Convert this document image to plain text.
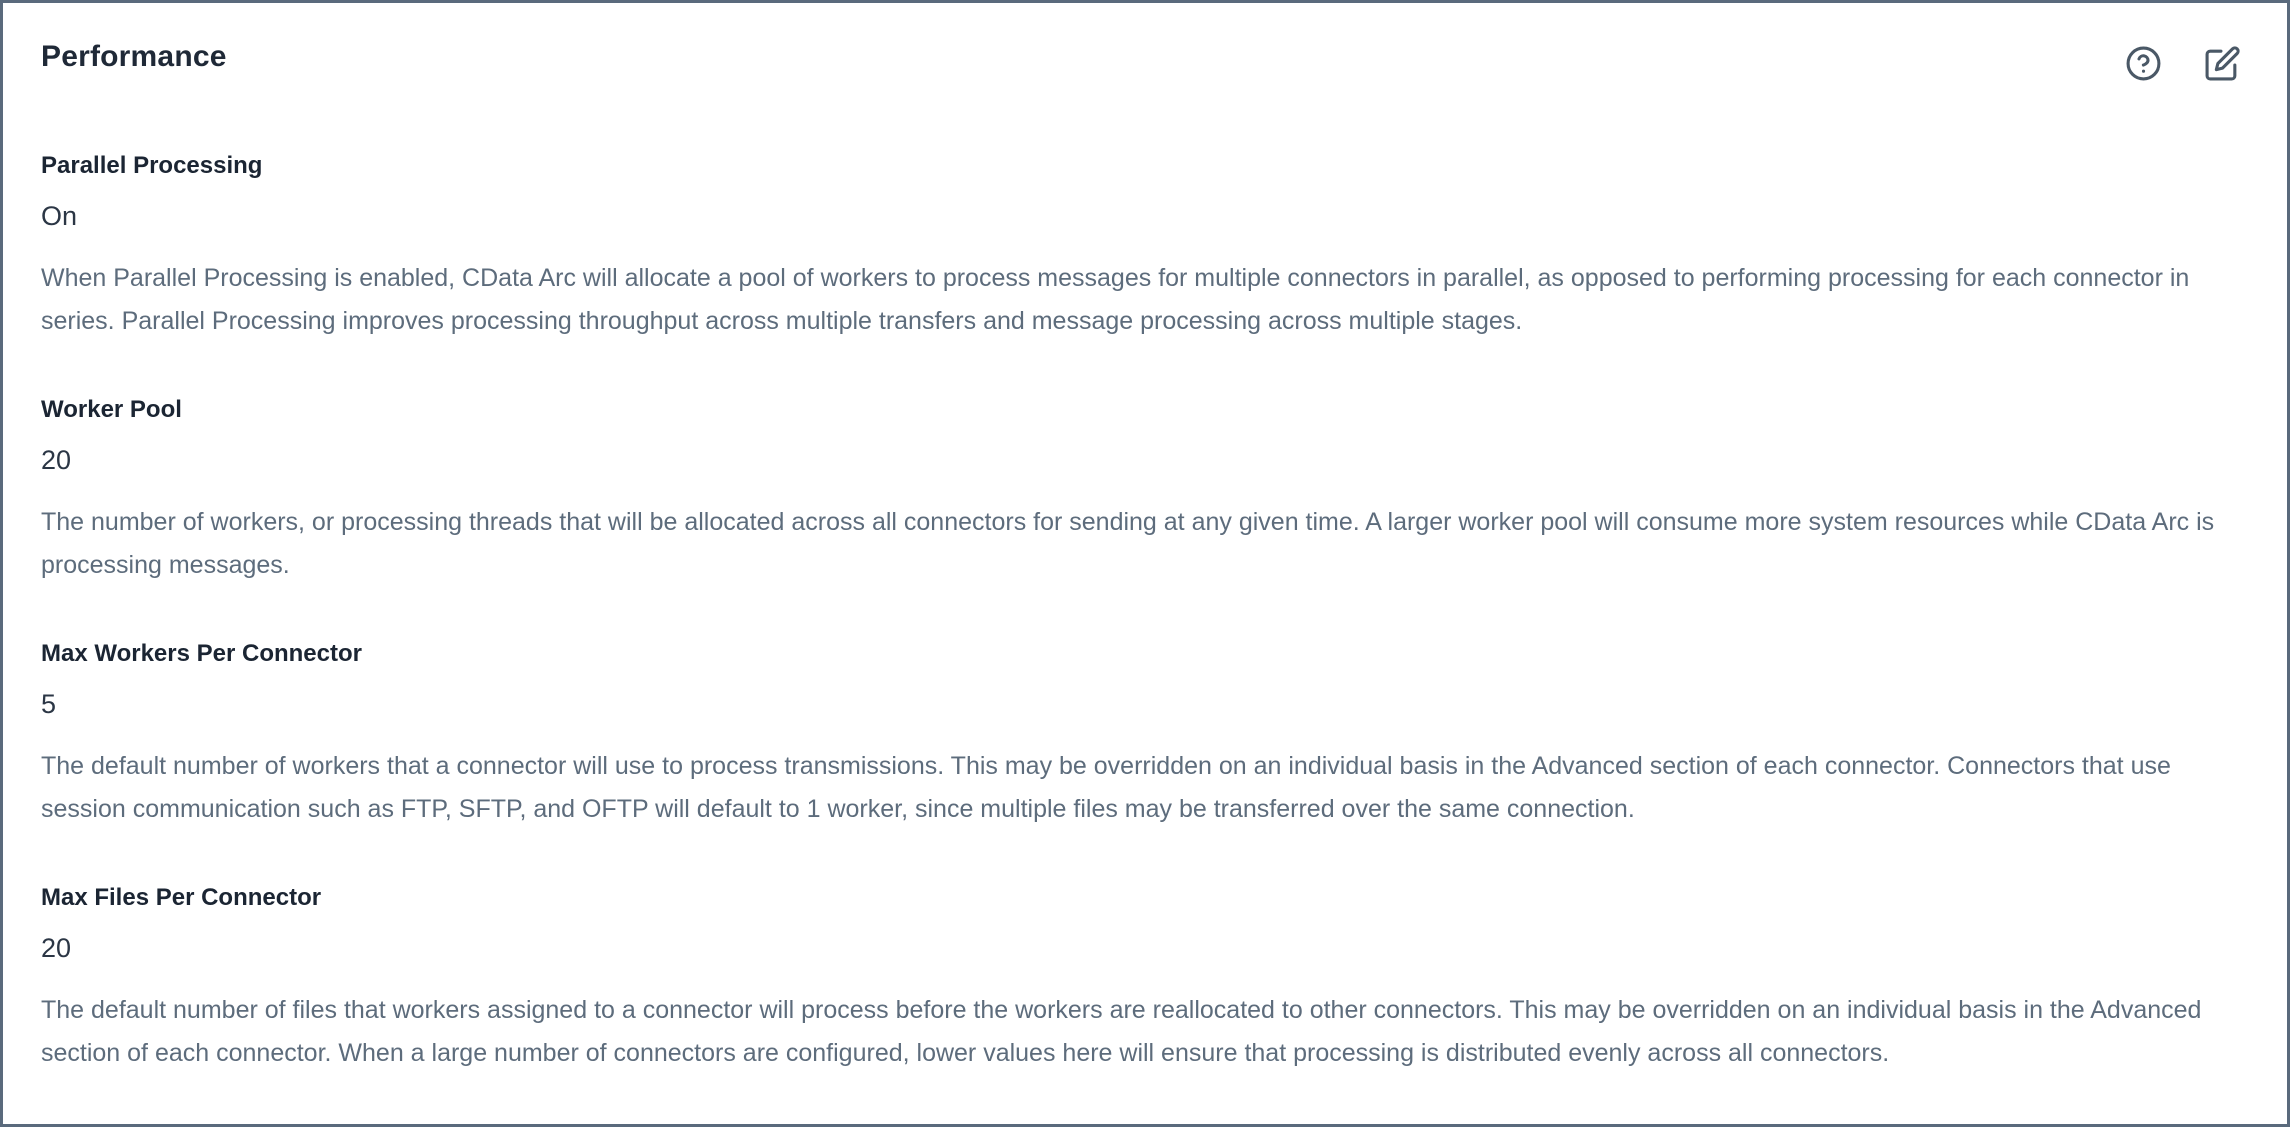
Performance
Parallel Processing
On

When Parallel Processing is enabled, CData Arc will allocate a pool of workers to process messages for multiple connectors in parallel, as opposed to performing processing for each connector in series. Parallel Processing improves processing throughput across multiple transfers and message processing across multiple stages.

Worker Pool
20

The number of workers, or processing threads that will be allocated across all connectors for sending at any given time. A larger worker pool will consume more system resources while CData Arc is processing messages.

Max Workers Per Connector
5

The default number of workers that a connector will use to process transmissions. This may be overridden on an individual basis in the Advanced section of each connector. Connectors that use session communication such as FTP, SFTP, and OFTP will default to 1 worker, since multiple files may be transferred over the same connection.

Max Files Per Connector
20

The default number of files that workers assigned to a connector will process before the workers are reallocated to other connectors. This may be overridden on an individual basis in the Advanced section of each connector. When a large number of connectors are configured, lower values here will ensure that processing is distributed evenly across all connectors.
